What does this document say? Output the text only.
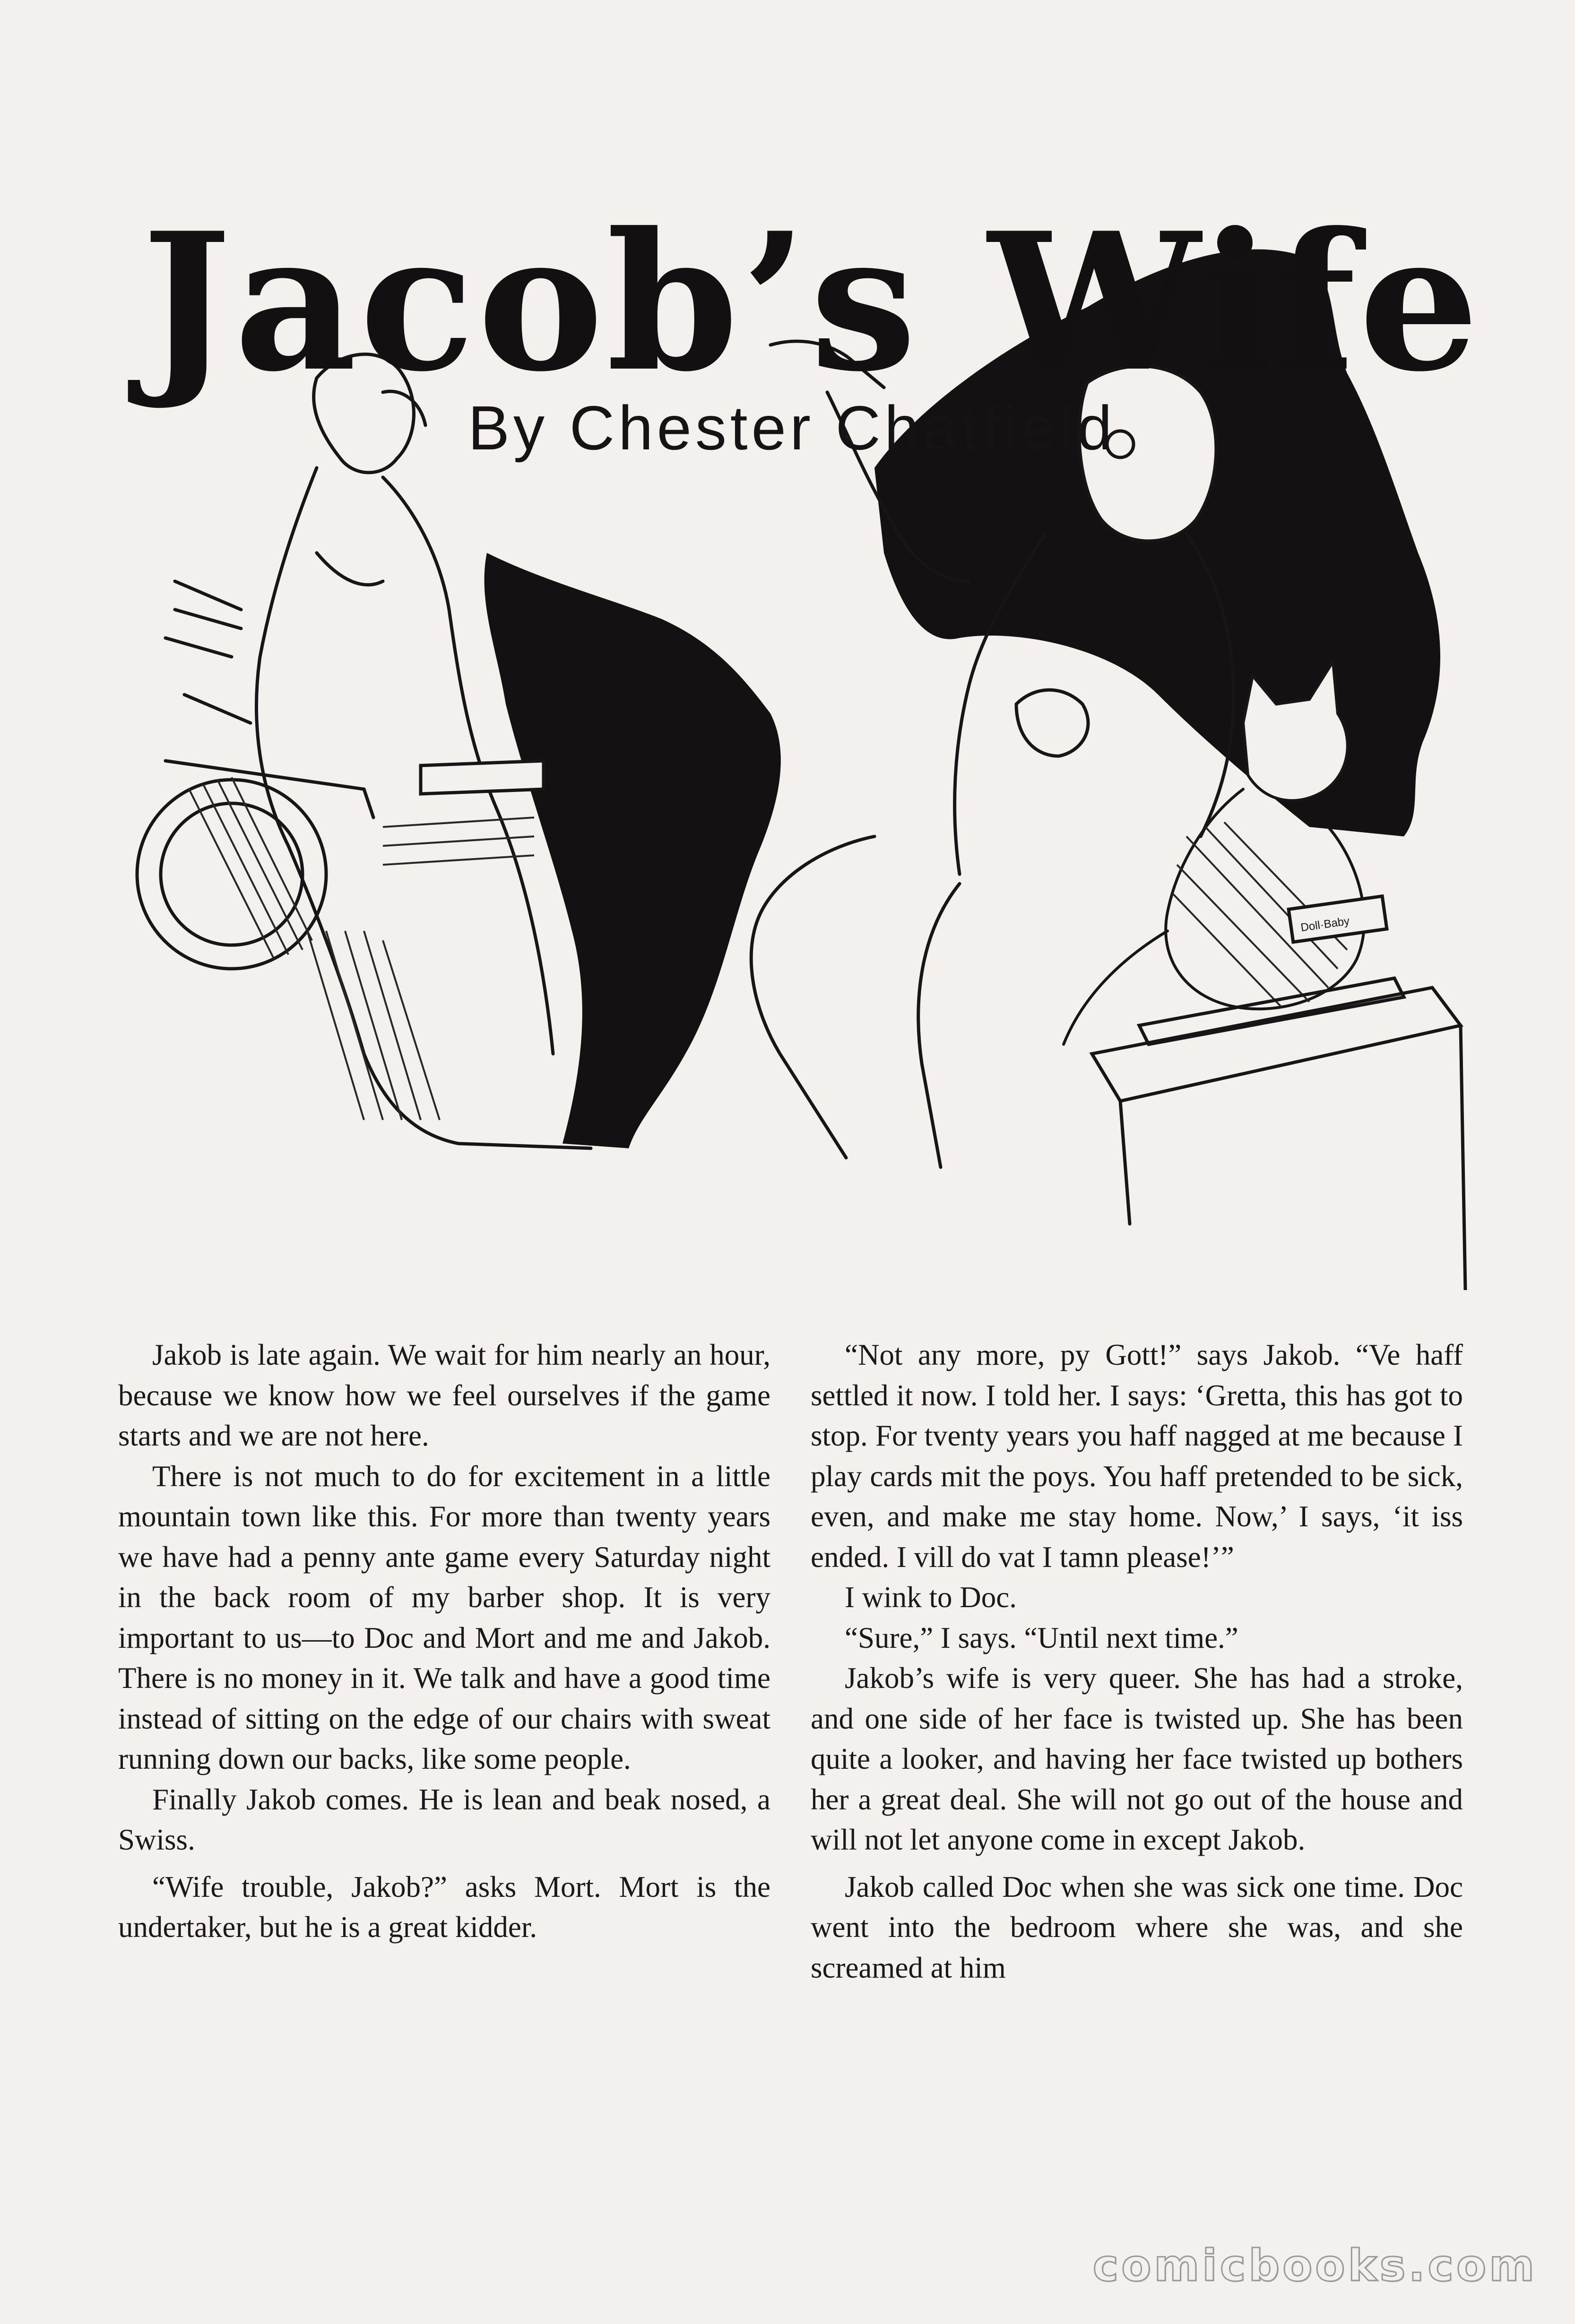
Doll·Baby
Jacob’s Wife
By Chester Chatfield

Jakob is late again. We wait for him nearly an hour, because we know how we feel ourselves if the game starts and we are not here.

There is not much to do for excitement in a little mountain town like this. For more than twenty years we have had a penny ante game every Saturday night in the back room of my barber shop. It is very important to us—to Doc and Mort and me and Jakob. There is no money in it. We talk and have a good time instead of sitting on the edge of our chairs with sweat running down our backs, like some people.

Finally Jakob comes. He is lean and beak nosed, a Swiss.

“Wife trouble, Jakob?” asks Mort. Mort is the undertaker, but he is a great kidder.

“Not any more, py Gott!” says Jakob. “Ve haff settled it now. I told her. I says: ‘Gretta, this has got to stop. For tventy years you haff nagged at me because I play cards mit the poys. You haff pretended to be sick, even, and make me stay home. Now,’ I says, ‘it iss ended. I vill do vat I tamn please!’”

I wink to Doc.

“Sure,” I says. “Until next time.”

Jakob’s wife is very queer. She has had a stroke, and one side of her face is twisted up. She has been quite a looker, and having her face twisted up bothers her a great deal. She will not go out of the house and will not let anyone come in except Jakob.

Jakob called Doc when she was sick one time. Doc went into the bedroom where she was, and she screamed at him

comicbooks.com
